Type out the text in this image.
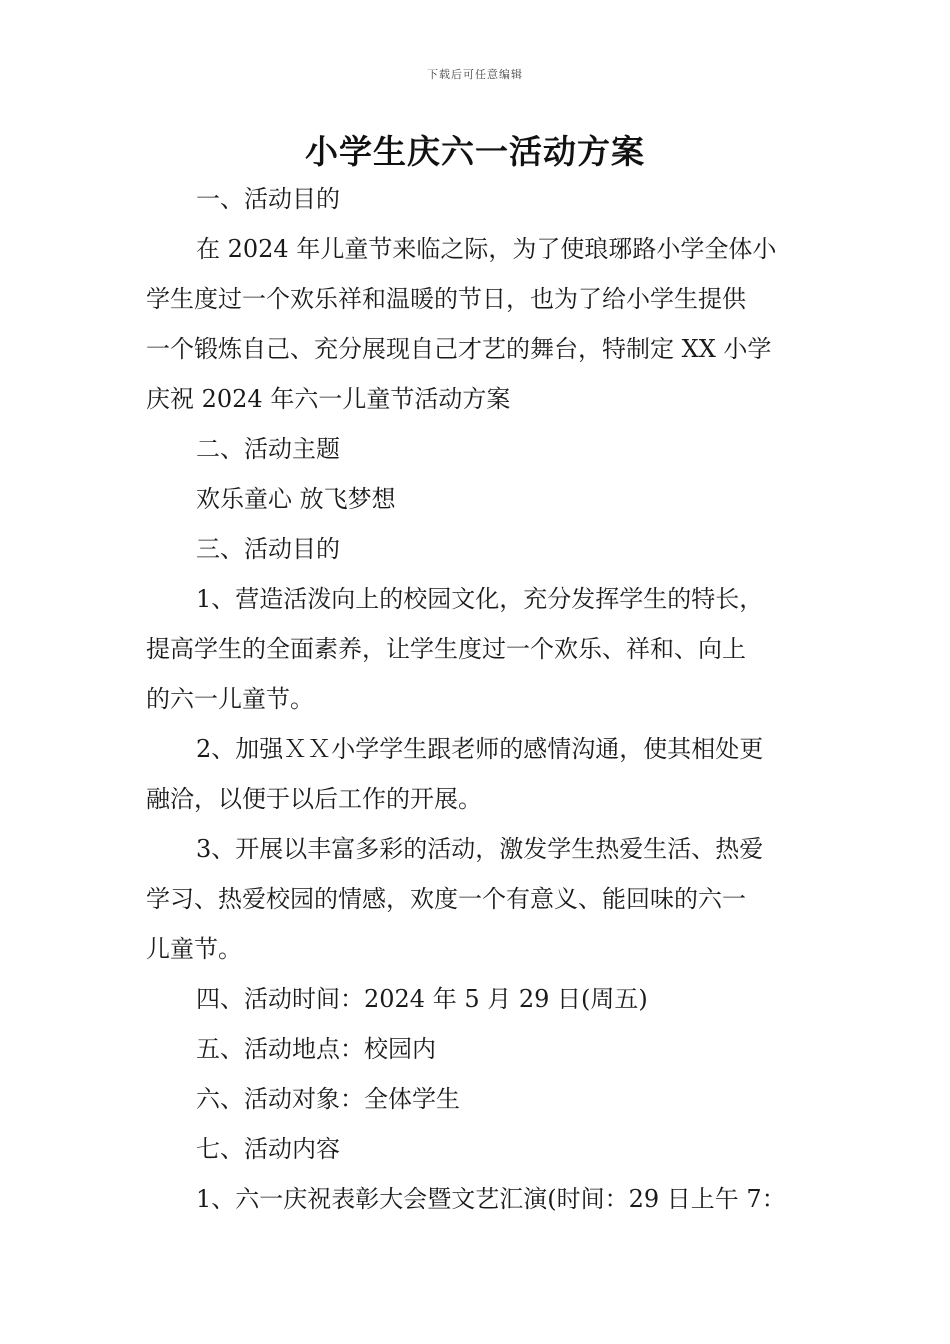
下载后可任意编辑
小学生庆六一活动方案

一、活动目的

在 2024 年儿童节来临之际，为了使琅琊路小学全体小

学生度过一个欢乐祥和温暖的节日，也为了给小学生提供

一个锻炼自己、充分展现自己才艺的舞台，特制定 XX 小学

庆祝 2024 年六一儿童节活动方案

二、活动主题

欢乐童心 放飞梦想

三、活动目的

1、营造活泼向上的校园文化，充分发挥学生的特长，

提高学生的全面素养，让学生度过一个欢乐、祥和、向上

的六一儿童节。

2、加强ＸＸ小学学生跟老师的感情沟通，使其相处更

融洽，以便于以后工作的开展。

3、开展以丰富多彩的活动，激发学生热爱生活、热爱

学习、热爱校园的情感，欢度一个有意义、能回味的六一

儿童节。

四、活动时间：2024 年 5 月 29 日(周五)

五、活动地点：校园内

六、活动对象：全体学生

七、活动内容

1、六一庆祝表彰大会暨文艺汇演(时间：29 日上午 7：
